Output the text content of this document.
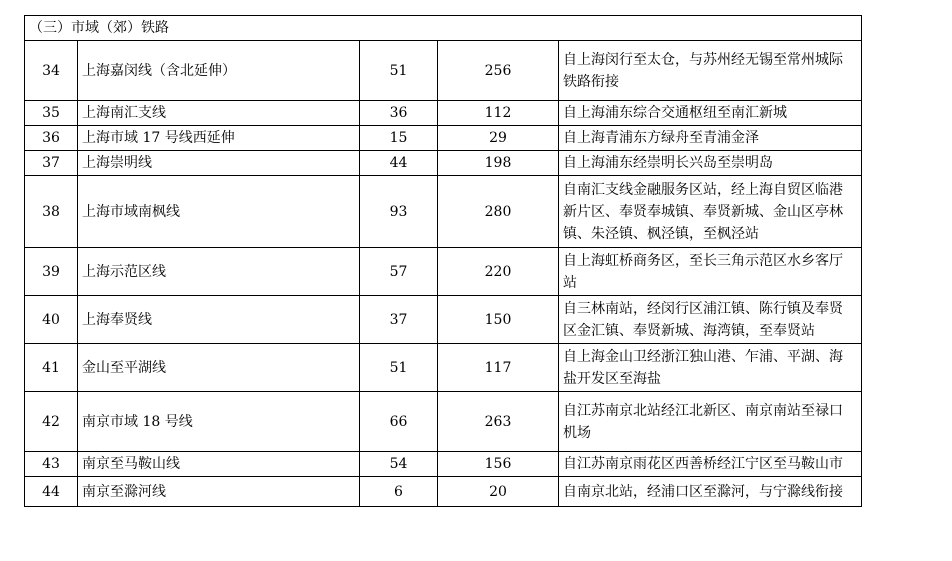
（三）市域（郊）铁路				
34	上海嘉闵线（含北延伸）	51	256	自上海闵行至太仓，与苏州经无锡至常州城际
铁路衔接

35	上海南汇支线	36	112	自上海浦东综合交通枢纽至南汇新城

36	上海市域 17 号线西延伸	15	29	自上海青浦东方绿舟至青浦金泽

37	上海崇明线	44	198	自上海浦东经崇明长兴岛至崇明岛

38	上海市域南枫线	93	280	自南汇支线金融服务区站，经上海自贸区临港
新片区、奉贤奉城镇、奉贤新城、金山区亭林
镇、朱泾镇、枫泾镇，至枫泾站

39	上海示范区线	57	220	自上海虹桥商务区，至长三角示范区水乡客厅
站

40	上海奉贤线	37	150	自三林南站，经闵行区浦江镇、陈行镇及奉贤
区金汇镇、奉贤新城、海湾镇，至奉贤站

41	金山至平湖线	51	117	自上海金山卫经浙江独山港、乍浦、平湖、海
盐开发区至海盐

42	南京市域 18 号线	66	263	自江苏南京北站经江北新区、南京南站至禄口
机场

43	南京至马鞍山线	54	156	自江苏南京雨花区西善桥经江宁区至马鞍山市

44	南京至滁河线	6	20	自南京北站，经浦口区至滁河，与宁滁线衔接
